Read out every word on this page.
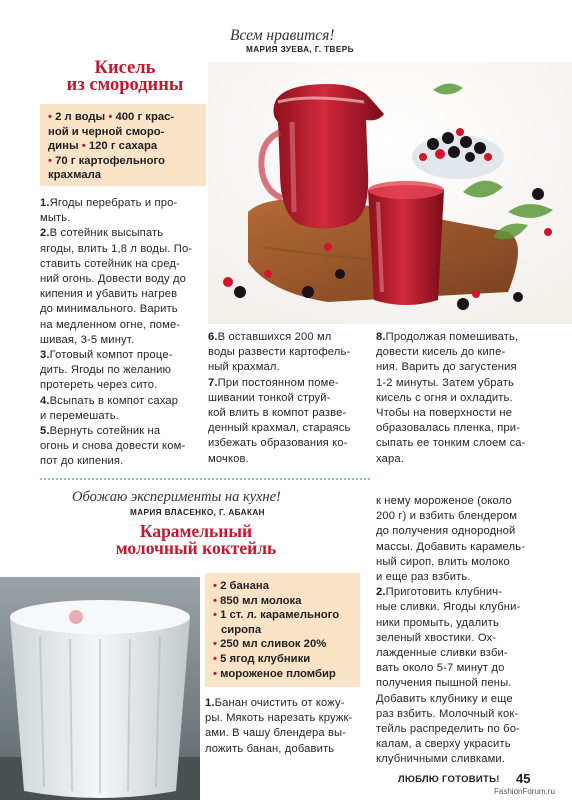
Всем нравится!
МАРИЯ ЗУЕВА, Г. ТВЕРЬ
Кисель
из смородины
• 2 л воды • 400 г крас-
ной и черной сморо-
дины • 120 г сахара
• 70 г картофельного
крахмала
1.Ягоды перебрать и про-
мыть.
2.В сотейник высыпать
ягоды, влить 1,8 л воды. По-
ставить сотейник на сред-
ний огонь. Довести воду до
кипения и убавить нагрев
до минимального. Варить
на медленном огне, поме-
шивая, 3-5 минут.
3.Готовый компот проце-
дить. Ягоды по желанию
протереть через сито.
4.Всыпать в компот сахар
и перемешать.
5.Вернуть сотейник на
огонь и снова довести ком-
пот до кипения.
6.В оставшихся 200 мл
воды развести картофель-
ный крахмал.
7.При постоянном поме-
шивании тонкой струй-
кой влить в компот разве-
денный крахмал, стараясь
избежать образования ко-
мочков.
8.Продолжая помешивать,
довести кисель до кипе-
ния. Варить до загустения
1-2 минуты. Затем убрать
кисель с огня и охладить.
Чтобы на поверхности не
образовалась пленка, при-
сыпать ее тонким слоем са-
хара.
Обожаю эксперименты на кухне!
МАРИЯ ВЛАСЕНКО, Г. АБАКАН
Карамельный
молочный коктейль
• 2 банана
• 850 мл молока
• 1 ст. л. карамельного
сиропа
• 250 мл сливок 20%
• 5 ягод клубники
• мороженое пломбир
1.Банан очистить от кожу-
ры. Мякоть нарезать кружк-
ами. В чашу блендера вы-
ложить банан, добавить
к нему мороженое (около
200 г) и взбить блендером
до получения однородной
массы. Добавить карамель-
ный сироп, влить молоко
и еще раз взбить.
2.Приготовить клубнич-
ные сливки. Ягоды клубни-
ники промыть, удалить
зеленый хвостики. Ох-
лажденные сливки взби-
вать около 5-7 минут до
получения пышной пены.
Добавить клубнику и еще
раз взбить. Молочный кок-
тейль распределить по бо-
калам, а сверху украсить
клубничными сливками.
ЛЮБЛЮ ГОТОВИТЬ! 45
FashionForum.ru
